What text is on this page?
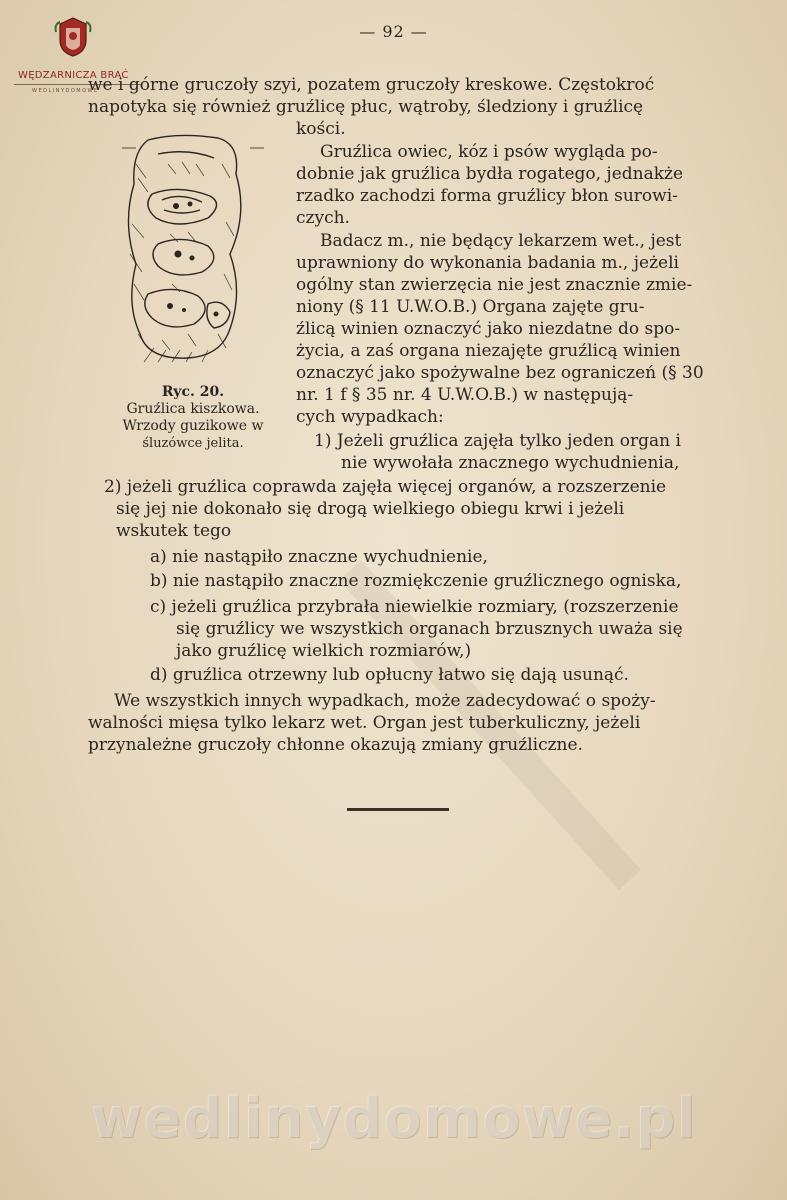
WĘDZARNICZA BRAĆ
WEDLINYDOMOWE
— 92 —
Ryc. 20.
Gruźlica kiszkowa.
Wrzody guzikowe w
śluzówce jelita.
we i górne gruczoły szyi, pozatem gruczoły kreskowe. Częstokroć
napotyka się również gruźlicę płuc, wątroby, śledziony i gruźlicę
kości.
Gruźlica owiec, kóz i psów wygląda po-
dobnie jak gruźlica bydła rogatego, jednakże
rzadko zachodzi forma gruźlicy błon surowi-
czych.
Badacz m., nie będący lekarzem wet., jest
uprawniony do wykonania badania m., jeżeli
ogólny stan zwierzęcia nie jest znacznie zmie-
niony (§ 11 U.W.O.B.) Organa zajęte gru-
źlicą winien oznaczyć jako niezdatne do spo-
życia, a zaś organa niezajęte gruźlicą winien
oznaczyć jako spożywalne bez ograniczeń (§ 30
nr. 1 f § 35 nr. 4 U.W.O.B.) w następują-
cych wypadkach:
1) Jeżeli gruźlica zajęła tylko jeden organ i
nie wywołała znacznego wychudnienia,
2) jeżeli gruźlica coprawda zajęła więcej organów, a rozszerzenie
się jej nie dokonało się drogą wielkiego obiegu krwi i jeżeli
wskutek tego
a) nie nastąpiło znaczne wychudnienie,
b) nie nastąpiło znaczne rozmiękczenie gruźlicznego ogniska,
c) jeżeli gruźlica przybrała niewielkie rozmiary, (rozszerzenie
się gruźlicy we wszystkich organach brzusznych uważa się
jako gruźlicę wielkich rozmiarów,)
d) gruźlica otrzewny lub opłucny łatwo się dają usunąć.
We wszystkich innych wypadkach, może zadecydować o spoży-
walności mięsa tylko lekarz wet. Organ jest tuberkuliczny, jeżeli
przynależne gruczoły chłonne okazują zmiany gruźliczne.
wedlinydomowe.pl
